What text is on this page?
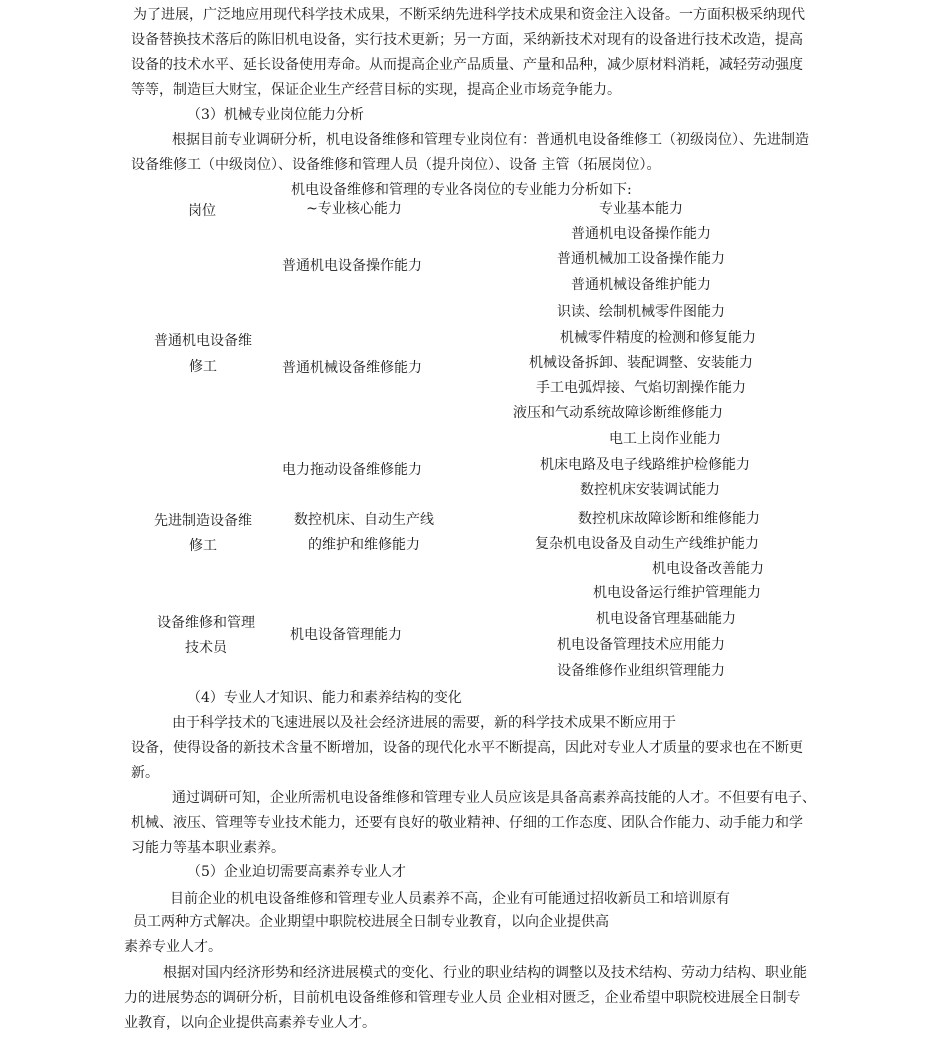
为了进展，广泛地应用现代科学技术成果，不断采纳先进科学技术成果和资金注入设备。一方面积极采纳现代
设备替换技术落后的陈旧机电设备，实行技术更新；另一方面，采纳新技术对现有的设备进行技术改造，提高
设备的技术水平、延长设备使用寿命。从而提高企业产品质量、产量和品种，减少原材料消耗，减轻劳动强度
等等，制造巨大财宝，保证企业生产经营目标的实现，提高企业市场竞争能力。
（3）机械专业岗位能力分析
根据目前专业调研分析，机电设备维修和管理专业岗位有：普通机电设备维修工（初级岗位）、先进制造
设备维修工（中级岗位）、设备维修和管理人员（提升岗位）、设备 主管（拓展岗位）。
机电设备维修和管理的专业各岗位的专业能力分析如下:
岗位	~专业核心能力	专业基本能力
普通机电设备维
修工
先进制造设备维
修工
设备维修和管理
技术员
普通机电设备操作能力
普通机械设备维修能力
电力拖动设备维修能力
数控机床、自动生产线
的维护和维修能力
机电设备管理能力
普通机电设备操作能力
普通机械加工设备操作能力
普通机械设备维护能力
识读、绘制机械零件图能力
机械零件精度的检测和修复能力
机械设备拆卸、装配调整、安装能力
手工电弧焊接、气焰切割操作能力
液压和气动系统故障诊断维修能力
电工上岗作业能力
机床电路及电子线路维护检修能力
数控机床安装调试能力
数控机床故障诊断和维修能力
复杂机电设备及自动生产线维护能力
机电设备改善能力
机电设备运行维护管理能力
机电设备官理基础能力
机电设备管理技术应用能力
设备维修作业组织管理能力
（4）专业人才知识、能力和素养结构的变化
由于科学技术的飞速进展以及社会经济进展的需要，新的科学技术成果不断应用于
设备，使得设备的新技术含量不断增加，设备的现代化水平不断提高，因此对专业人才质量的要求也在不断更
新。
通过调研可知，企业所需机电设备维修和管理专业人员应该是具备高素养高技能的人才。不但要有电子、
机械、液压、管理等专业技术能力，还要有良好的敬业精神、仔细的工作态度、团队合作能力、动手能力和学
习能力等基本职业素养。
（5）企业迫切需要高素养专业人才
目前企业的机电设备维修和管理专业人员素养不高，企业有可能通过招收新员工和培训原有
员工两种方式解决。企业期望中职院校进展全日制专业教育，以向企业提供高
素养专业人才。
根据对国内经济形势和经济进展模式的变化、行业的职业结构的调整以及技术结构、劳动力结构、职业能
力的进展势态的调研分析，目前机电设备维修和管理专业人员 企业相对匮乏，企业希望中职院校进展全日制专
业教育，以向企业提供高素养专业人才。
